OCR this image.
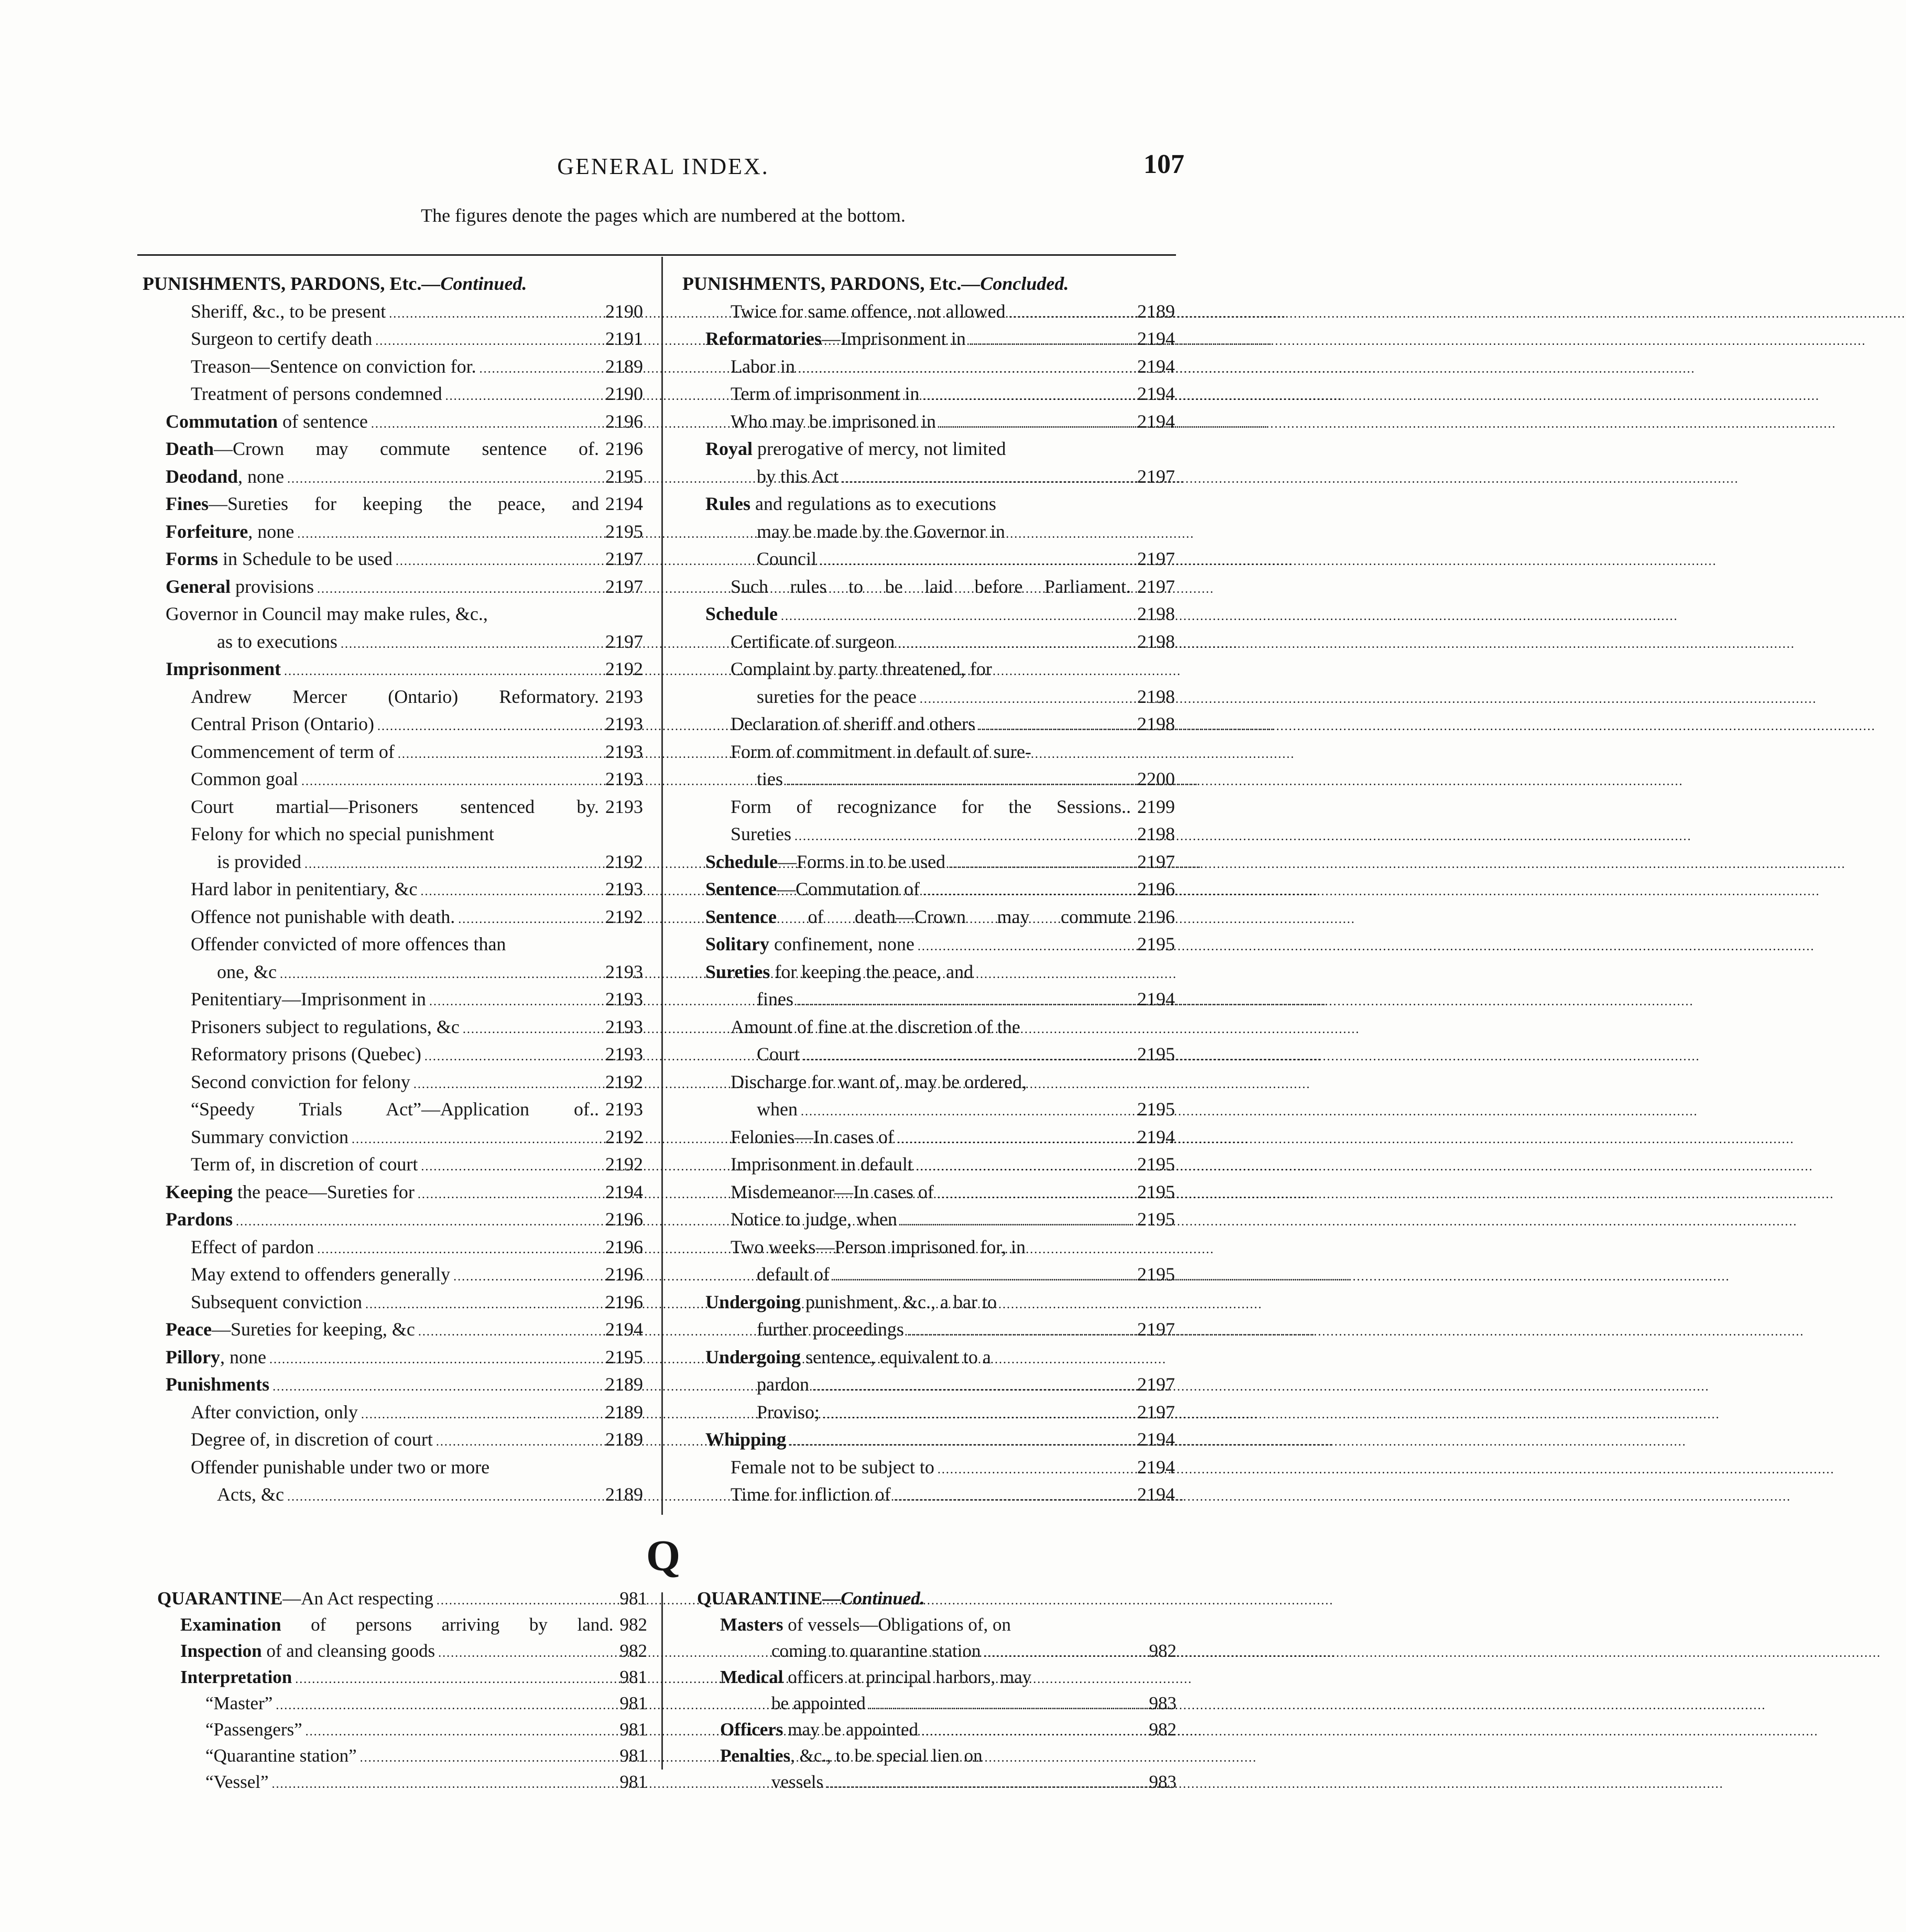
GENERAL INDEX.	107
The figures denote the pages which are numbered at the bottom.
PUNISHMENTS, PARDONS, Etc.—Continued.
Sheriff, &c., to be present .....	2190
Surgeon to certify death .....	2191
Treason—Sentence on conviction for. .....	2189
Treatment of persons condemned .....	2190
Commutation of sentence .....	2196
Death—Crown may commute sentence of. 2196
Deodand, none .....	2195
Fines—Sureties for keeping the peace, and 2194
Forfeiture, none .....	2195
Forms in Schedule to be used .....	2197
General provisions .....	2197
Governor in Council may make rules, &c.,
as to executions .....	2197
Imprisonment .....	2192
Andrew Mercer (Ontario) Reformatory. 2193
Central Prison (Ontario) .....	2193
Commencement of term of .....	2193
Common goal .....	2193
Court martial—Prisoners sentenced by. 2193
Felony for which no special punishment
is provided .....	2192
Hard labor in penitentiary, &c .....	2193
Offence not punishable with death. .....	2192
Offender convicted of more offences than
one, &c .....	2193
Penitentiary—Imprisonment in .....	2193
Prisoners subject to regulations, &c .....	2193
Reformatory prisons (Quebec) .....	2193
Second conviction for felony .....	2192
“Speedy Trials Act”—Application of.. 2193
Summary conviction .....	2192
Term of, in discretion of court .....	2192
Keeping the peace—Sureties for .....	2194
Pardons .....	2196
Effect of pardon .....	2196
May extend to offenders generally .....	2196
Subsequent conviction .....	2196
Peace—Sureties for keeping, &c .....	2194
Pillory, none .....	2195
Punishments .....	2189
After conviction, only .....	2189
Degree of, in discretion of court .....	2189
Offender punishable under two or more
Acts, &c .....	2189
PUNISHMENTS, PARDONS, Etc.—Concluded.
Twice for same offence, not allowed .....	2189
Reformatories—Imprisonment in .....	2194
Labor in .....	2194
Term of imprisonment in .....	2194
Who may be imprisoned in .....	2194
Royal prerogative of mercy, not limited
by this Act .....	2197
Rules and regulations as to executions
may be made by the Governor in
Council .....	2197
Such rules to be laid before Parliament. 2197
Schedule .....	2198
Certificate of surgeon .....	2198
Complaint by party threatened, for
sureties for the peace .....	2198
Declaration of sheriff and others .....	2198
Form of commitment in default of sure-
ties .....	2200
Form of recognizance for the Sessions.. 2199
Sureties .....	2198
Schedule—Forms in to be used .....	2197
Sentence—Commutation of .....	2196
Sentence of death—Crown may commute 2196
Solitary confinement, none .....	2195
Sureties for keeping the peace, and
fines .....	2194
Amount of fine at the discretion of the
Court .....	2195
Discharge for want of, may be ordered,
when .....	2195
Felonies—In cases of .....	2194
Imprisonment in default .....	2195
Misdemeanor—In cases of .....	2195
Notice to judge, when .....	2195
Two weeks—Person imprisoned for, in
default of .....	2195
Undergoing punishment, &c., a bar to
further proceedings .....	2197
Undergoing sentence, equivalent to a
pardon .....	2197
Proviso; .....	2197
Whipping .....	2194
Female not to be subject to .....	2194
Time for infliction of .....	2194
Q
QUARANTINE—An Act respecting .....	981
Examination of persons arriving by land. 982
Inspection of and cleansing goods .....	982
Interpretation .....	981
“Master” .....	981
“Passengers” .....	981
“Quarantine station” .....	981
“Vessel” .....	981
QUARANTINE—Continued.
Masters of vessels—Obligations of, on
coming to quarantine station .....	982
Medical officers at principal harbors, may
be appointed .....	983
Officers may be appointed .....	982
Penalties, &c., to be special lien on
vessels .....	983
